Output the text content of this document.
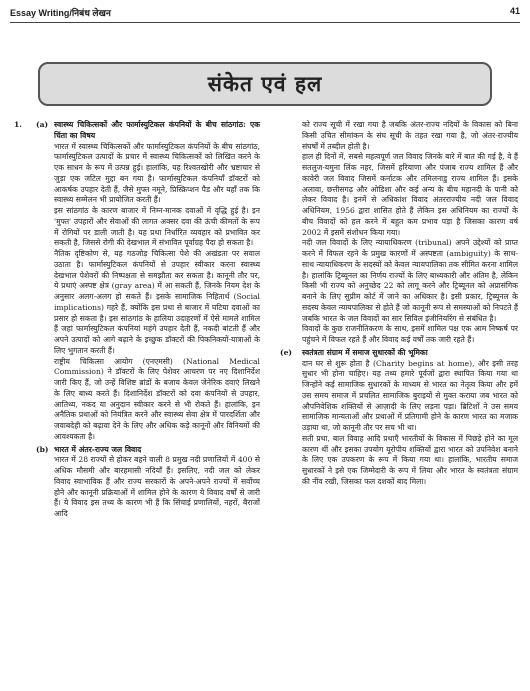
Essay Writing/निबंध लेखन	41
संकेत एवं हल
1.	(a) स्वास्थ्य चिकित्सकों और फार्मास्युटिकल कंपनियों के बीच सांठगांठ: एक चिंता का विषय

भारत में स्वास्थ्य चिकित्सकों और फार्मास्युटिकल कंपनियों के बीच सांठगांठ, फार्मास्युटिकल उत्पादों के प्रचार में स्वास्थ्य चिकित्सकों को लिखित करने के एक साधन के रूप में उत्पन्न हुई। हालांकि, यह रिश्वतखोरी और भ्रष्टाचार से जुड़ा एक जटिल मुद्दा बन गया है। फार्मास्युटिकल कंपनियाँ डॉक्टरों को आकर्षक उपहार देती हैं, जैसे मुफ्त नमूने, प्रिस्क्रिप्शन पैड और यहाँ तक कि स्वास्थ्य सम्मेलन भी प्रायोजित करती हैं।

इस सांठगांठ के कारण बाजार में निम्न-मानक दवाओं में वृद्धि हुई है। इन 'मुफ्त' उपहारों और सेवाओं की लागत अक्सर दवा की ऊंची कीमतों के रूप में रोगियों पर डाली जाती है। यह प्रथा निर्धारित व्यवहार को प्रभावित कर सकती है, जिससे रोगी की देखभाल में संभावित पूर्वाग्रह पैदा हो सकता है।

नैतिक दृष्टिकोण से, यह गठजोड़ चिकित्सा पेशे की अखंडता पर सवाल उठाता है। फार्मास्युटिकल कंपनियों से उपहार स्वीकार करना स्वास्थ्य देखभाल पेशेवरों की निष्पक्षता से समझौता कर सकता है। कानूनी तौर पर, ये प्रथाएं अस्पष्ट क्षेत्र (gray area) में आ सकती हैं, जिनके नियम देश के अनुसार अलग-अलग हो सकते हैं। इसके सामाजिक निहितार्थ (Social implications) गहरे हैं, क्योंकि इस प्रथा से बाजार में घटिया दवाओं का प्रसार हो सकता है। इस सांठगांठ के हालिया उदाहरणों में ऐसे मामले शामिल हैं जहां फार्मास्युटिकल कंपनियां महंगे उपहार देती हैं, नकदी बांटती हैं और अपने उत्पादों को आगे बढ़ाने के इच्छुक डॉक्टरों की पिकनिकयों-यात्राओं के लिए भुगतान करती हैं।

राष्ट्रीय चिकित्सा आयोग (एनएमसी) (National Medical Commission) ने डॉक्टरों के लिए पेशेवर आचरण पर नए दिशानिर्देश जारी किए हैं, जो उन्हें विशिष्ट ब्रांडों के बजाय केवल जेनेरिक दवाएं लिखने के लिए बाध्य करते हैं। दिशानिर्देश डॉक्टरों को दवा कंपनियों से उपहार, आतिथ्य, नकद या अनुदान स्वीकार करने से भी रोकते हैं। हालांकि, इन अनैतिक प्रथाओं को नियंत्रित करने और स्वास्थ्य सेवा क्षेत्र में पारदर्शिता और जवाबदेही को बढ़ावा देने के लिए और अधिक कड़े कानूनों और विनियमों की आवश्यकता है।

(b) भारत में अंतर-राज्य जल विवाद

भारत में 28 राज्यों से होकर बहने वाली 8 प्रमुख नदी प्रणालियों में 400 से अधिक मौसमी और बारहमासी नदियाँ हैं। इसलिए, नदी जल को लेकर विवाद स्वाभाविक हैं और राज्य सरकारों के अपने-अपने राज्यों में सर्वोच्च होने और कानूनी प्रक्रियाओं में शामिल होने के कारण ये विवाद वर्षों से जारी हैं। ये विवाद इस तथ्य के कारण भी हैं कि सिंचाई प्रणालियों, नहरों, बैराजों आदि

को राज्य सूची में रखा गया है जबकि अंतर-राज्य नदियों के विकास को बिना किसी उचित सीमांकन के संघ सूची के तहत रखा गया है, जो अंतर-राज्यीय संघर्षों में तब्दील होती है।

हाल ही दिनों में, सबसे महत्वपूर्ण जल विवाद जिनके बारे में बात की गई है, वे हैं सतलुज-यमुना लिंक नहर, जिसमें हरियाणा और पंजाब राज्य शामिल हैं और कावेरी जल विवाद जिसमें कर्नाटक और तमिलनाडु राज्य शामिल हैं। इसके अलावा, छत्तीसगढ़ और ओडिशा और कई अन्य के बीच महानदी के पानी को लेकर विवाद है। इनमें से अधिकांश विवाद अंतरराज्यीय नदी जल विवाद अधिनियम, 1956 द्वारा शासित होते हैं लेकिन इस अधिनियम का राज्यों के बीच विवादों को हल करने में बहुत कम प्रभाव पड़ा है जिसका कारण वर्ष 2002 में इसमें संशोधन किया गया।

नदी जल विवादों के लिए न्यायाधिकरण (tribunal) अपने उद्देश्यों को प्राप्त करने में विफल रहने के प्रमुख कारणों में अस्पष्टता (ambiguity) के साथ-साथ न्यायाधिकरण के सदस्यों को केवल न्यायपालिका तक सीमित करना शामिल है। हालांकि ट्रिब्यूनल का निर्णय राज्यों के लिए बाध्यकारी और अंतिम है, लेकिन किसी भी राज्य को अनुच्छेद 22 को लागू करने और ट्रिब्यूनल को अप्रासंगिक बनाने के लिए सुप्रीम कोर्ट में जाने का अधिकार है। इसी प्रकार, ट्रिब्यूनल के सदस्य केवल न्यायपालिका से होते हैं जो कानूनी रूप से समस्याओं को निपटते हैं जबकि भारत के जल विवादों का सार सिविल इंजीनियरिंग से संबंधित है।

विवादों के कुछ राजनीतिकरण के साथ, इसमें शामिल पक्ष एक आम निष्कर्ष पर पहुंचने में विफल रहते हैं और विवाद कई वर्षों तक जारी रहते हैं।

(e)	स्वतंत्रता संग्राम में समाज सुधारकों की भूमिका

दान घर से शुरू होता है (Charity begins at home), और इसी तरह सुधार भी होना चाहिए। यह तथ्य हमारे पूर्वजों द्वारा स्थापित किया गया था जिन्होंने कई सामाजिक सुधारकों के माध्यम से भारत का नेतृत्व किया और हमें उस समय समाज में प्रचलित सामाजिक बुराइयों से मुक्त कराया जब भारत को औपनिवेशिक शक्तियों से आज़ादी के लिए लड़ना पड़ा। ब्रिटिशों ने उस समय सामाजिक मान्यताओं और प्रथाओं में प्रतिगामी होने के कारण भारत का मजाक उड़ाया था, जो कानूनी तौर पर सच भी था।

सती प्रथा, बाल विवाह आदि प्रथाएँ भारतीयों के विकास में पिछड़े होने का मूल कारण थीं और इसका उपयोग यूरोपीय शक्तियों द्वारा भारत को उपनिवेश बनाने के लिए एक उपकरण के रूप में किया गया था। हालांकि, भारतीय समाज सुधारकों ने इसे एक जिम्मेदारी के रूप में लिया और भारत के स्वतंत्रता संग्राम की नींव रखी, जिसका फल दशकों बाद मिला।
